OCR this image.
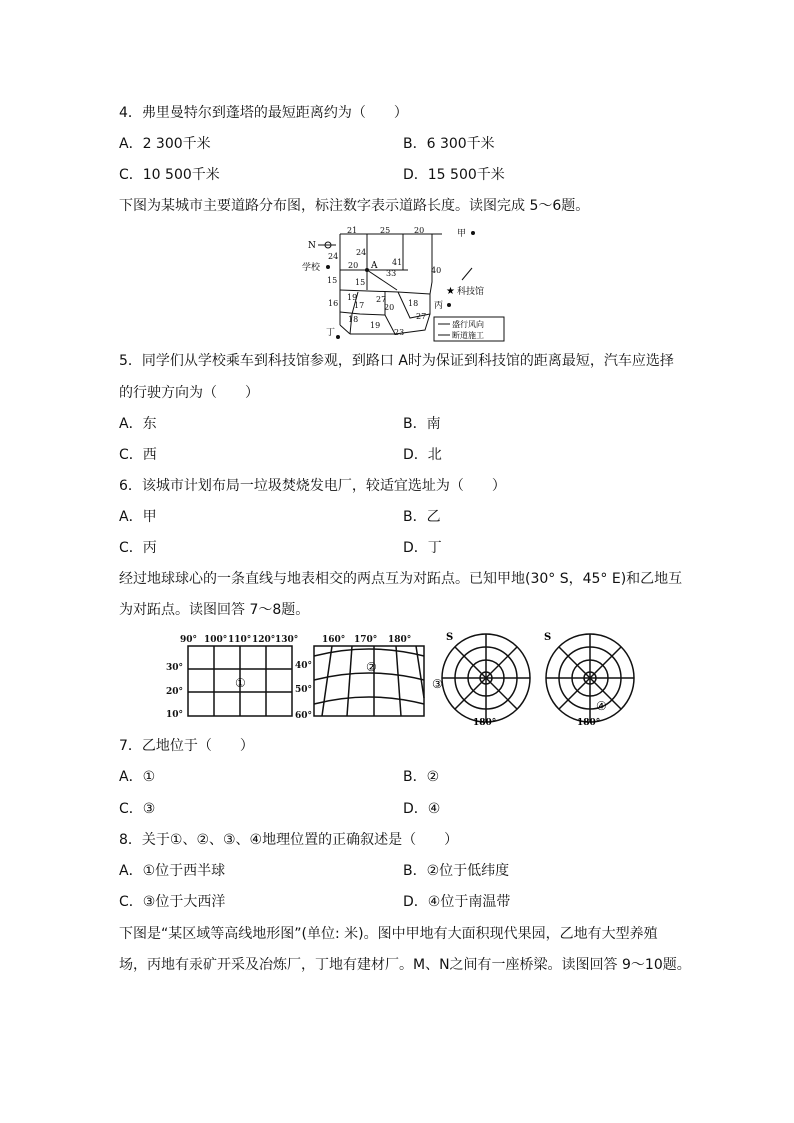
4．弗里曼特尔到蓬塔的最短距离约为（　　）
A．2 300千米	B．6 300千米
C．10 500千米	D．15 500千米
下图为某城市主要道路分布图，标注数字表示道路长度。读图完成 5～6题。
N
学校
甲
A
科技馆
★
丙
丁
21	25	20
24 24
20	41
33	40
15 15
16
19
17
27
20 18
27
18
19
23
盛行风向
断道施工
5．同学们从学校乘车到科技馆参观，到路口 A时为保证到科技馆的距离最短，汽车应选择
的行驶方向为（　　）
A．东	B．南
C．西	D．北
6．该城市计划布局一垃圾焚烧发电厂，较适宜选址为（　　）
A．甲	B．乙
C．丙	D．丁
经过地球球心的一条直线与地表相交的两点互为对跖点。已知甲地(30° S，45° E)和乙地互
为对跖点。读图回答 7～8题。
90° 100° 110° 120° 130°
30°
20°
10°
①
160° 170° 180°
40°
50°
60°
②
S
③
180°
S
④
180°
7．乙地位于（　　）
A．①	B．②
C．③	D．④
8．关于①、②、③、④地理位置的正确叙述是（　　）
A．①位于西半球	B．②位于低纬度
C．③位于大西洋	D．④位于南温带
下图是“某区域等高线地形图”(单位: 米)。图中甲地有大面积现代果园，乙地有大型养殖
场，丙地有汞矿开采及冶炼厂，丁地有建材厂。M、N之间有一座桥梁。读图回答 9～10题。
